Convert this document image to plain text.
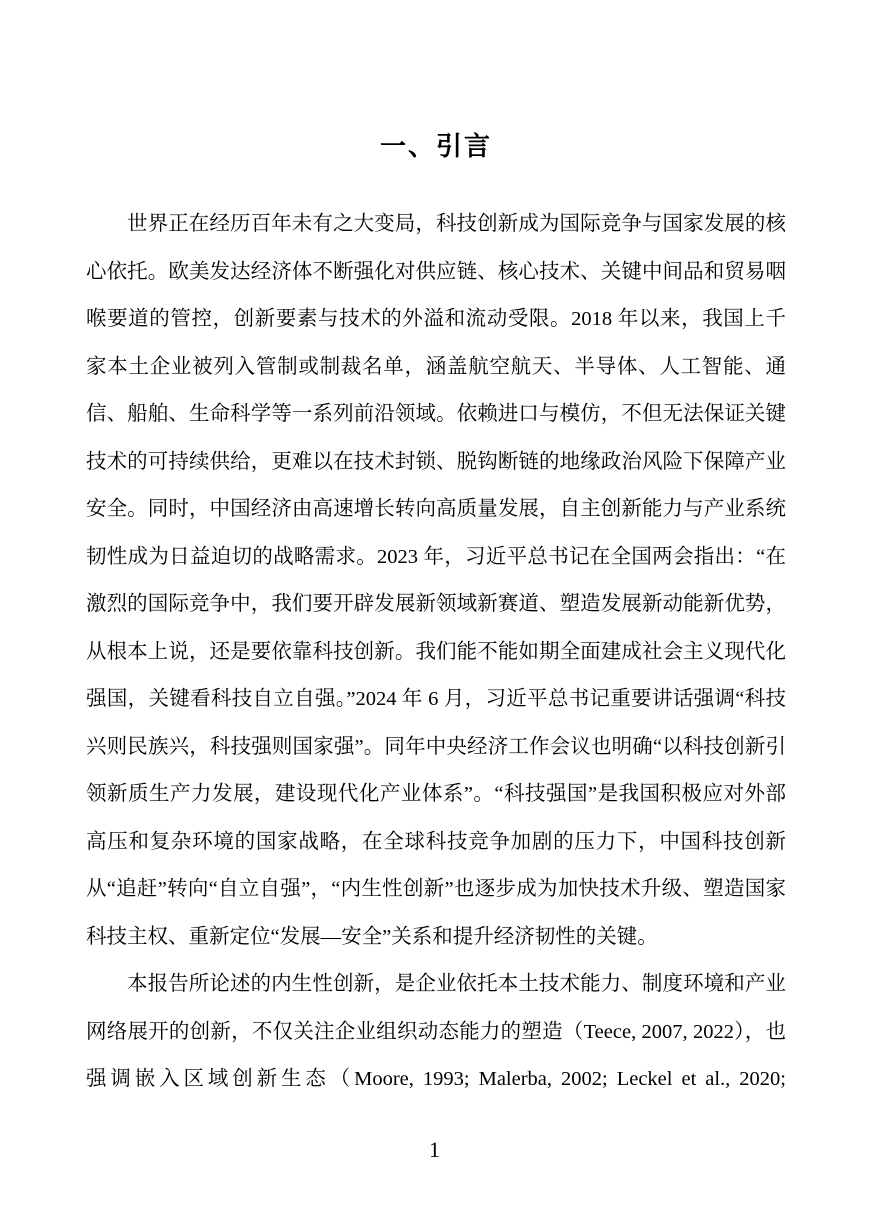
一、引言

世界正在经历百年未有之大变局，科技创新成为国际竞争与国家发展的核心依托。欧美发达经济体不断强化对供应链、核心技术、关键中间品和贸易咽喉要道的管控，创新要素与技术的外溢和流动受限。2018 年以来，我国上千家本土企业被列入管制或制裁名单，涵盖航空航天、半导体、人工智能、通信、船舶、生命科学等一系列前沿领域。依赖进口与模仿，不但无法保证关键技术的可持续供给，更难以在技术封锁、脱钩断链的地缘政治风险下保障产业安全。同时，中国经济由高速增长转向高质量发展，自主创新能力与产业系统韧性成为日益迫切的战略需求。2023 年，习近平总书记在全国两会指出：“在激烈的国际竞争中，我们要开辟发展新领域新赛道、塑造发展新动能新优势，从根本上说，还是要依靠科技创新。我们能不能如期全面建成社会主义现代化强国，关键看科技自立自强。”2024 年 6 月，习近平总书记重要讲话强调“科技兴则民族兴，科技强则国家强”。同年中央经济工作会议也明确“以科技创新引领新质生产力发展，建设现代化产业体系”。“科技强国”是我国积极应对外部高压和复杂环境的国家战略，在全球科技竞争加剧的压力下，中国科技创新从“追赶”转向“自立自强”，“内生性创新”也逐步成为加快技术升级、塑造国家科技主权、重新定位“发展—安全”关系和提升经济韧性的关键。

本报告所论述的内生性创新，是企业依托本土技术能力、制度环境和产业网络展开的创新，不仅关注企业组织动态能力的塑造（Teece, 2007, 2022），也强调嵌入区域创新生态（Moore, 1993; Malerba, 2002; Leckel et al., 2020;

1
